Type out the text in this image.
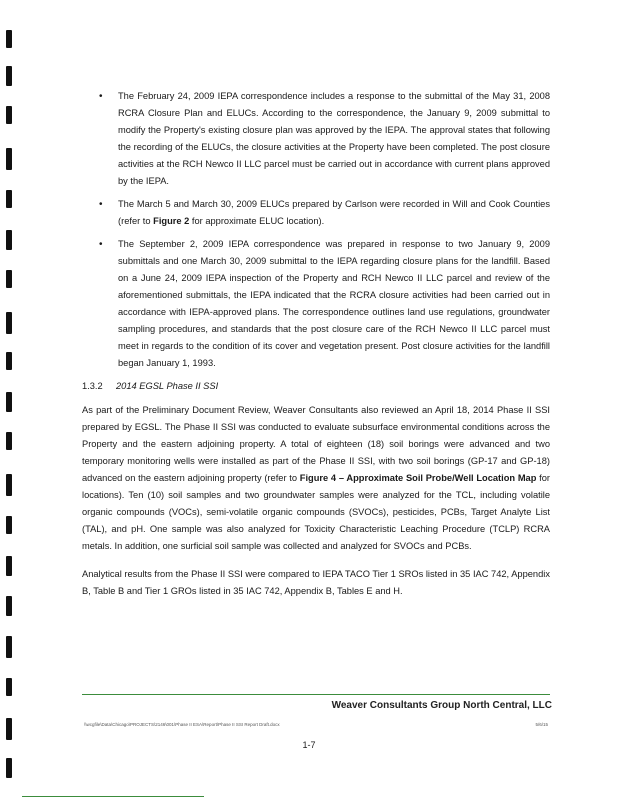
• The February 24, 2009 IEPA correspondence includes a response to the submittal of the May 31, 2008 RCRA Closure Plan and ELUCs. According to the correspondence, the January 9, 2009 submittal to modify the Property's existing closure plan was approved by the IEPA. The approval states that following the recording of the ELUCs, the closure activities at the Property have been completed. The post closure activities at the RCH Newco II LLC parcel must be carried out in accordance with current plans approved by the IEPA.
• The March 5 and March 30, 2009 ELUCs prepared by Carlson were recorded in Will and Cook Counties (refer to Figure 2 for approximate ELUC location).
• The September 2, 2009 IEPA correspondence was prepared in response to two January 9, 2009 submittals and one March 30, 2009 submittal to the IEPA regarding closure plans for the landfill. Based on a June 24, 2009 IEPA inspection of the Property and RCH Newco II LLC parcel and review of the aforementioned submittals, the IEPA indicated that the RCRA closure activities had been carried out in accordance with IEPA-approved plans. The correspondence outlines land use regulations, groundwater sampling procedures, and standards that the post closure care of the RCH Newco II LLC parcel must meet in regards to the condition of its cover and vegetation present. Post closure activities for the landfill began January 1, 1993.
1.3.2 2014 EGSL Phase II SSI

As part of the Preliminary Document Review, Weaver Consultants also reviewed an April 18, 2014 Phase II SSI prepared by EGSL. The Phase II SSI was conducted to evaluate subsurface environmental conditions across the Property and the eastern adjoining property. A total of eighteen (18) soil borings were advanced and two temporary monitoring wells were installed as part of the Phase II SSI, with two soil borings (GP-17 and GP-18) advanced on the eastern adjoining property (refer to Figure 4 – Approximate Soil Probe/Well Location Map for locations). Ten (10) soil samples and two groundwater samples were analyzed for the TCL, including volatile organic compounds (VOCs), semi-volatile organic compounds (SVOCs), pesticides, PCBs, Target Analyte List (TAL), and pH. One sample was also analyzed for Toxicity Characteristic Leaching Procedure (TCLP) RCRA metals. In addition, one surficial soil sample was collected and analyzed for SVOCs and PCBs.

Analytical results from the Phase II SSI were compared to IEPA TACO Tier 1 SROs listed in 35 IAC 742, Appendix B, Table B and Tier 1 GROs listed in 35 IAC 742, Appendix B, Tables E and H.

Weaver Consultants Group North Central, LLC
\\wcgfile\Data\Chicago\PROJECTS\2146\001\Phase II ESA\Report\Phase II SSI Report Draft.docx	5/6/15
1-7
